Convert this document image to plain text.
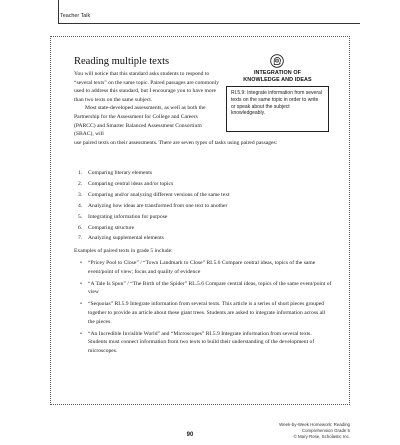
Teacher Talk
Reading multiple texts

You will notice that this standard asks students to respond to “several texts” on the same topic. Paired passages are commonly used to address this standard, but I encourage you to have more than two texts on the same subject.

Most state-developed assessments, as well as both the Partnership for the Assessment for College and Careers (PARCC) and Smarter Balanced Assessment Consortium (SBAC), will

use paired texts on their assessments. There are seven types of tasks using paired passages:

INTEGRATION OF
KNOWLEDGE AND IDEAS
RI.5.9: Integrate information from several texts on the same topic in order to write or speak about the subject knowledgeably.
1. Comparing literary elements
2. Comparing central ideas and/or topics
3. Comparing and/or analyzing different versions of the same text
4. Analyzing how ideas are transformed from one text to another
5. Integrating information for purpose
6. Comparing structure
7. Analyzing supplemental elements
Examples of paired texts in grade 5 include:
• “Pricey Pool to Close” / “Town Landmark to Close” RI.5.6 Compare central ideas, topics of the same event/point of view; focus and quality of evidence
• “A Tale Is Spun” / “The Birth of the Spider” RL.5.6 Compare central ideas, topics of the same event/point of view
• “Sequoias” RI.5.9 Integrate information from several texts. This article is a series of short pieces grouped together to provide an article about these giant trees. Students are asked to integrate information across all the pieces.
• “An Incredible Invisible World” and “Microscopes” RI.5.9 Integrate information from several texts. Students must connect information from two texts to build their understanding of the development of microscopes.
90
Week-by-Week Homework: Reading Comprehension Grade 5
© Mary Rose, Scholastic Inc.
